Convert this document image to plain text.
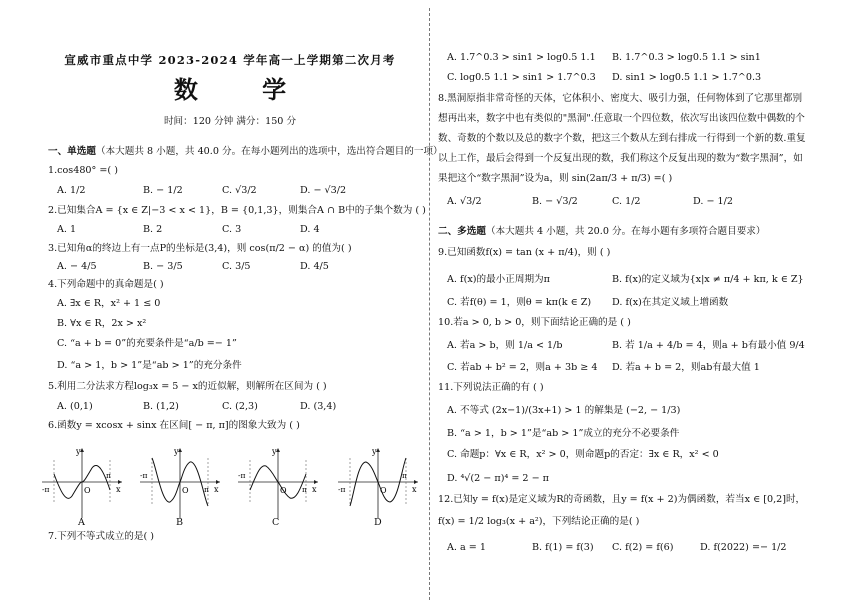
宣威市重点中学 2023-2024 学年高一上学期第二次月考
数 学
时间：120 分钟 满分：150 分
一、单选题（本大题共 8 小题，共 40.0 分。在每小题列出的选项中，选出符合题目的一项）
1.cos480° =( )
A. 1/2	B. − 1/2	C. √3/2	D. − √3/2
2.已知集合A = {x ∈ Z|−3 < x < 1}，B = {0,1,3}，则集合A ∩ B中的子集个数为 ( )
A. 1	B. 2	C. 3	D. 4
3.已知角α的终边上有一点P的坐标是(3,4)，则 cos(π/2 − α) 的值为( )
A. − 4/5	B. − 3/5	C. 3/5	D. 4/5
4.下列命题中的真命题是( )
A. ∃x ∈ R，x² + 1 ≤ 0
B. ∀x ∈ R，2x > x²
C. “a + b = 0”的充要条件是“a/b =− 1”
D. “a > 1，b > 1”是“ab > 1”的充分条件
5.利用二分法求方程log₃x = 5 − x的近似解，则解所在区间为 ( )
A. (0,1)	B. (1,2)	C. (2,3)	D. (3,4)
6.函数y = xcosx + sinx 在区间[ − π, π]的图象大致为 ( )
y
x
O
-π
π
A
y
x
O
-π
π
B
y
x
O
-π
π
C
y
x
O
-π
π
D
7.下列不等式成立的是( )
A. 1.7^0.3 > sin1 > log0.5 1.1 B. 1.7^0.3 > log0.5 1.1 > sin1
C. log0.5 1.1 > sin1 > 1.7^0.3 D. sin1 > log0.5 1.1 > 1.7^0.3
8.黑洞原指非常奇怪的天体，它体积小、密度大、吸引力强，任何物体到了它那里都别
想再出来，数字中也有类似的"黑洞".任意取一个四位数，依次写出该四位数中偶数的个
数、奇数的个数以及总的数字个数，把这三个数从左到右排成一行得到一个新的数.重复
以上工作，最后会得到一个反复出现的数，我们称这个反复出现的数为“数字黑洞”，如
果把这个“数字黑洞”设为a，则 sin(2aπ/3 + π/3) =( )
A. √3/2	B. − √3/2	C. 1/2	D. − 1/2
二、多选题（本大题共 4 小题，共 20.0 分。在每小题有多项符合题目要求）
9.已知函数f(x) = tan (x + π/4)，则 ( )
A. f(x)的最小正周期为π	B. f(x)的定义域为{x|x ≠ π/4 + kπ, k ∈ Z}
C. 若f(θ) = 1，则θ = kπ(k ∈ Z) D. f(x)在其定义域上增函数
10.若a > 0, b > 0，则下面结论正确的是 ( )
A. 若a > b，则 1/a < 1/b	B. 若 1/a + 4/b = 4，则a + b有最小值 9/4
C. 若ab + b² = 2，则a + 3b ≥ 4 D. 若a + b = 2，则ab有最大值 1
11.下列说法正确的有 ( )
A. 不等式 (2x−1)/(3x+1) > 1 的解集是 (−2, − 1/3)
B. “a > 1，b > 1”是“ab > 1”成立的充分不必要条件
C. 命题p：∀x ∈ R，x² > 0，则命题p的否定：∃x ∈ R，x² < 0
D. ⁴√(2 − π)⁴ = 2 − π
12.已知y = f(x)是定义域为R的奇函数，且y = f(x + 2)为偶函数，若当x ∈ [0,2]时，
f(x) = 1/2 log₃(x + a²)，下列结论正确的是( )
A. a = 1	B. f(1) = f(3) C. f(2) = f(6)	D. f(2022) =− 1/2
